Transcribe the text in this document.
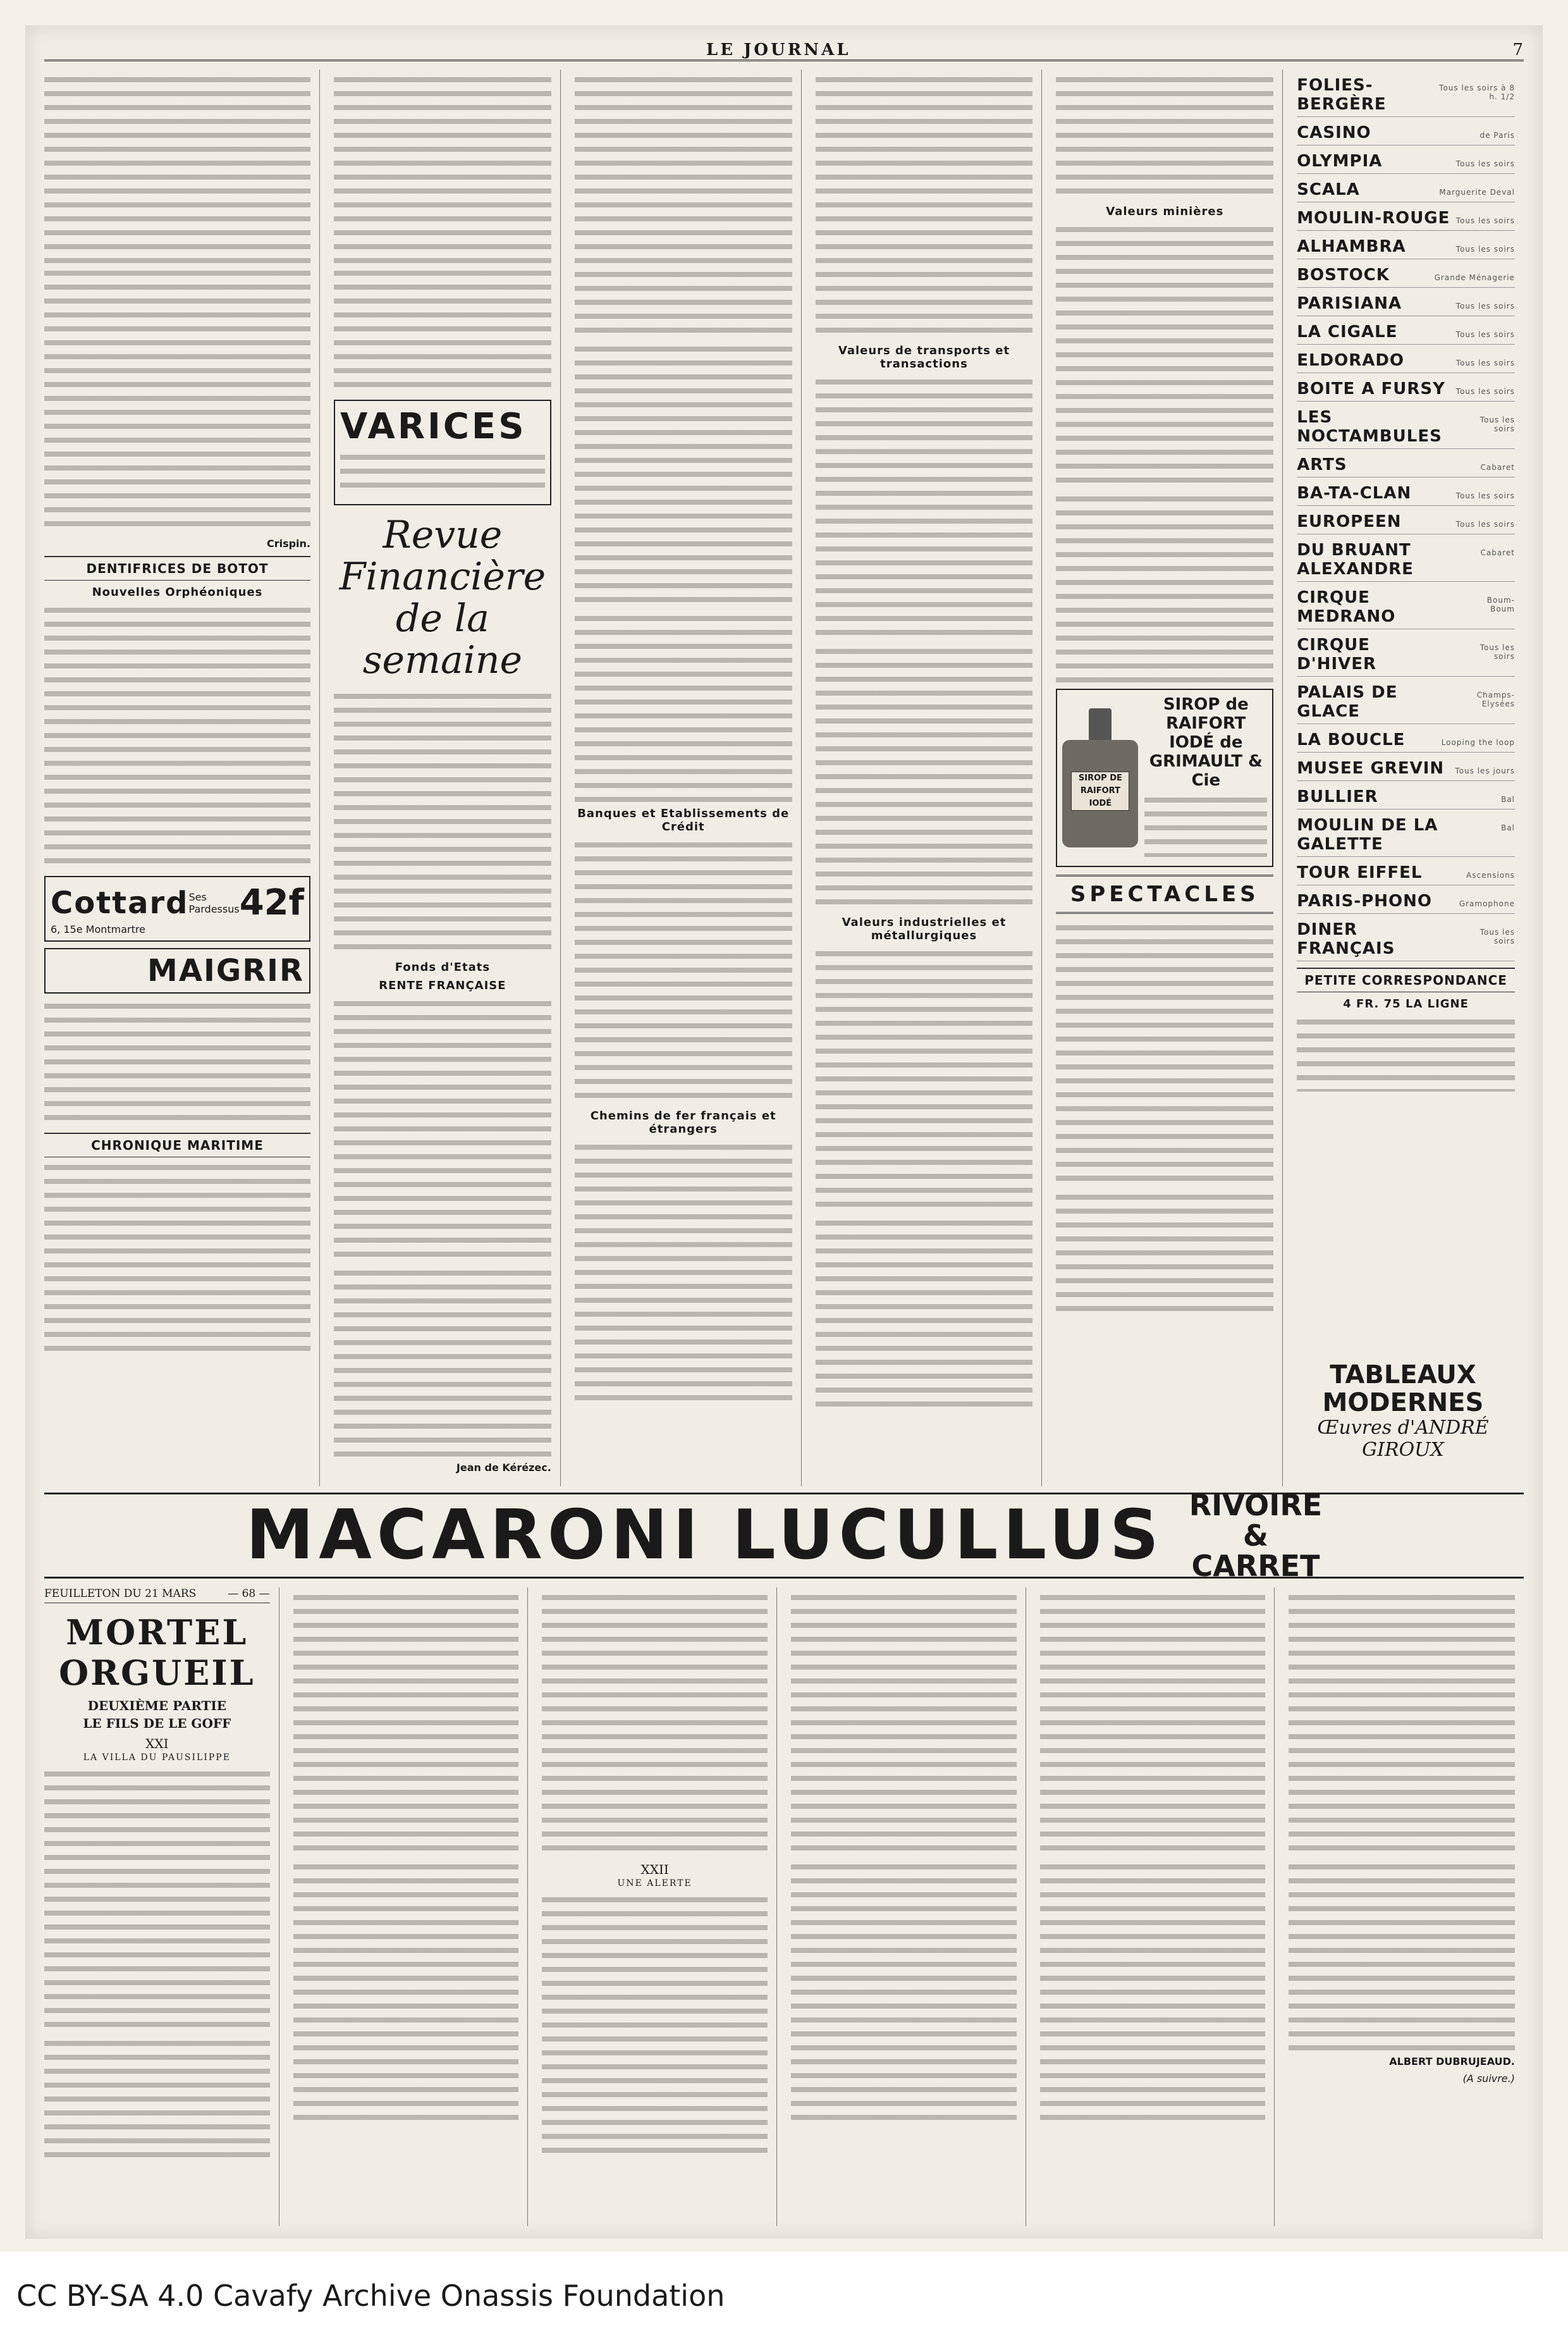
LE JOURNAL	7
Crispin.
DENTIFRICES DE BOTOT
Nouvelles Orphéoniques
Cottard Ses Pardessus 42f
6, 15e Montmartre
MAIGRIR
CHRONIQUE MARITIME
VARICES
Revue Financière de la semaine
Fonds d'Etats
RENTE FRANÇAISE
Jean de Kérézec.
Banques et Etablissements de Crédit
Chemins de fer français et étrangers
Valeurs de transports et transactions
Valeurs industrielles et métallurgiques
Valeurs minières
SIROP DE RAIFORT IODÉ
SIROP de RAIFORT IODÉ de GRIMAULT & Cie
SPECTACLES
FOLIES-BERGÈRE
Tous les soirs à 8 h. 1/2
CASINO	de Paris
OLYMPIA	Tous les soirs
SCALA	Marguerite Deval
MOULIN-ROUGE Tous les soirs
ALHAMBRA	Tous les soirs
BOSTOCK	Grande Ménagerie
PARISIANA	Tous les soirs
LA CIGALE	Tous les soirs
ELDORADO	Tous les soirs
BOITE A FURSY Tous les soirs
LES NOCTAMBULES
Tous les soirs
ARTS	Cabaret
BA-TA-CLAN	Tous les soirs
EUROPEEN	Tous les soirs
DU BRUANT ALEXANDRE
Cabaret
CIRQUE MEDRANO
Boum-Boum
CIRQUE D'HIVER
Tous les soirs
PALAIS DE GLACE
Champs-Elysées
LA BOUCLE	Looping the loop
MUSEE GREVIN Tous les jours
BULLIER	Bal
MOULIN DE LA GALETTE
Bal
TOUR EIFFEL	Ascensions
PARIS-PHONO	Gramophone
DINER FRANÇAIS
Tous les soirs
PETITE CORRESPONDANCE
4 FR. 75 LA LIGNE
MACARONI LUCULLUS RIVOIRE
&
CARRET
FEUILLETON DU 21 MARS	— 68 —
MORTEL ORGUEIL
DEUXIÈME PARTIE
LE FILS DE LE GOFF
XXI
LA VILLA DU PAUSILIPPE
XXII
UNE ALERTE
ALBERT DUBRUJEAUD.
(A suivre.)
TABLEAUX MODERNES
Œuvres d'ANDRÉ GIROUX
CC BY-SA 4.0 Cavafy Archive Onassis Foundation
